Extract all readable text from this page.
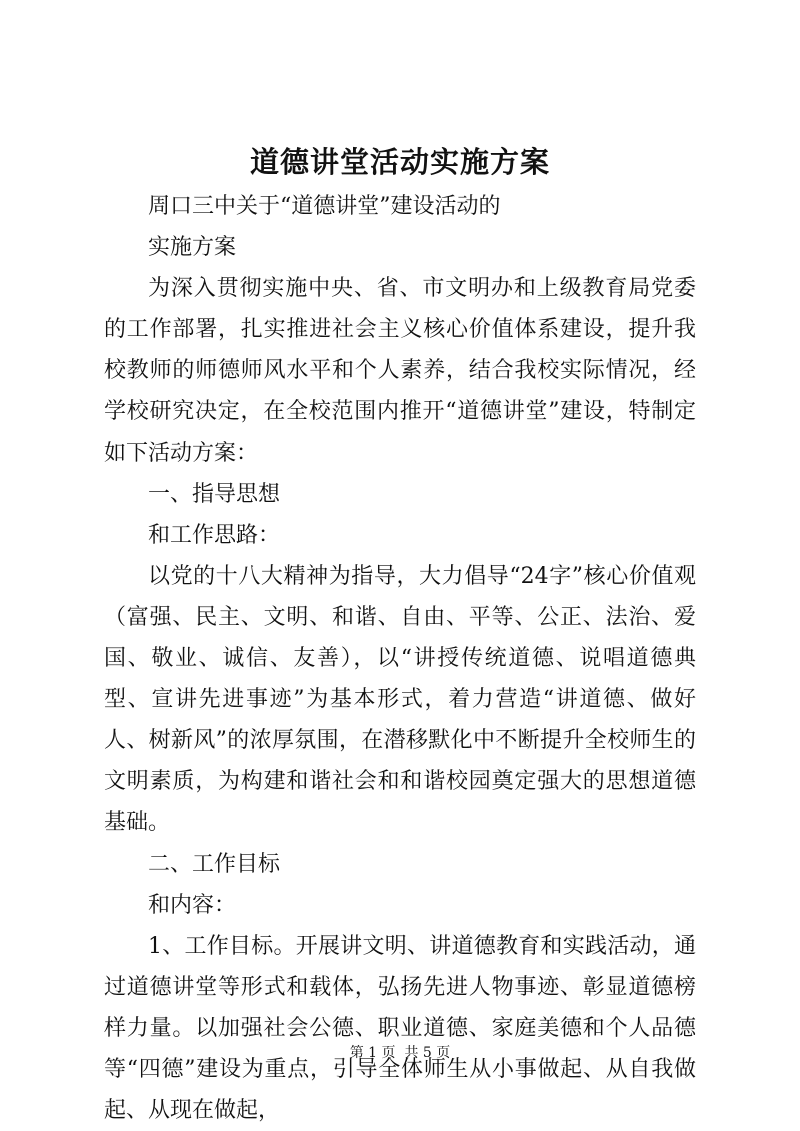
道德讲堂活动实施方案

周口三中关于“道德讲堂”建设活动的

实施方案

为深入贯彻实施中央、省、市文明办和上级教育局党委的工作部署，扎实推进社会主义核心价值体系建设，提升我校教师的师德师风水平和个人素养，结合我校实际情况，经学校研究决定，在全校范围内推开“道德讲堂”建设，特制定如下活动方案：

一、指导思想

和工作思路：

以党的十八大精神为指导，大力倡导“24字”核心价值观（富强、民主、文明、和谐、自由、平等、公正、法治、爱国、敬业、诚信、友善），以“讲授传统道德、说唱道德典型、宣讲先进事迹”为基本形式，着力营造“讲道德、做好人、树新风”的浓厚氛围，在潜移默化中不断提升全校师生的文明素质，为构建和谐社会和和谐校园奠定强大的思想道德基础。

二、工作目标

和内容：

1、工作目标。开展讲文明、讲道德教育和实践活动，通过道德讲堂等形式和载体，弘扬先进人物事迹、彰显道德榜样力量。以加强社会公德、职业道德、家庭美德和个人品德等“四德”建设为重点，引导全体师生从小事做起、从自我做起、从现在做起，

第 1 页  共 5 页
